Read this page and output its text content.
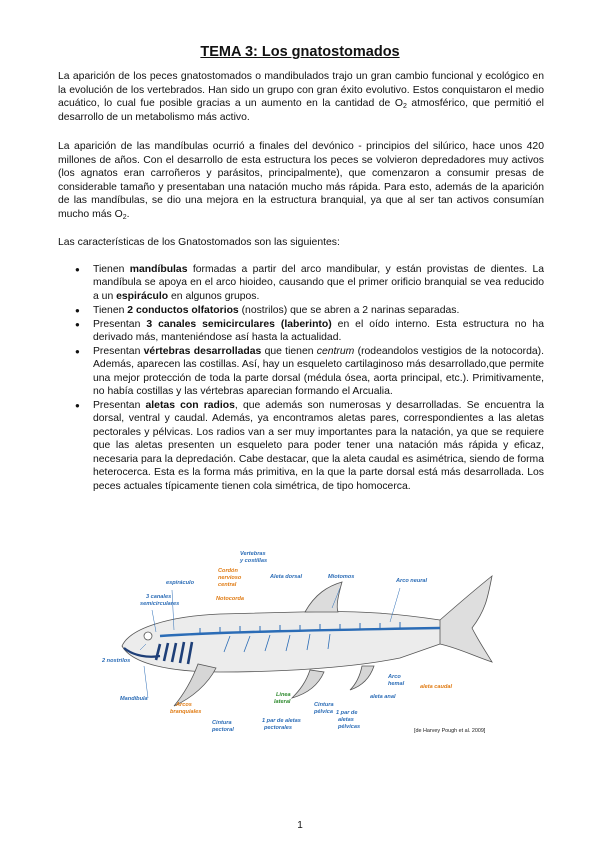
TEMA 3: Los gnatostomados

La aparición de los peces gnatostomados o mandibulados trajo un gran cambio funcional y ecológico en la evolución de los vertebrados. Han sido un grupo con gran éxito evolutivo. Estos conquistaron el medio acuático, lo cual fue posible gracias a un aumento en la cantidad de $O_2$ atmosférico, que permitió el desarrollo de un metabolismo más activo.

La aparición de las mandíbulas ocurrió a finales del devónico - principios del silúrico, hace unos 420 millones de años. Con el desarrollo de esta estructura los peces se volvieron depredadores muy activos (los agnatos eran carroñeros y parásitos, principalmente), que comenzaron a consumir presas de considerable tamaño y presentaban una natación mucho más rápida. Para esto, además de la aparición de las mandíbulas, se dio una mejora en la estructura branquial, ya que al ser tan activos consumían mucho más $O_2$.

Las características de los Gnatostomados son las siguientes:

● Tienen mandíbulas formadas a partir del arco mandibular, y están provistas de dientes. La mandíbula se apoya en el arco hioideo, causando que el primer orificio branquial se vea reducido a un espiráculo en algunos grupos.
● Tienen 2 conductos olfatorios (nostrilos) que se abren a 2 narinas separadas.
● Presentan 3 canales semicirculares (laberinto) en el oído interno. Esta estructura no ha derivado más, manteniéndose así hasta la actualidad.
● Presentan vértebras desarrolladas que tienen centrum (rodeandolos vestigios de la notocorda). Además, aparecen las costillas. Así, hay un esqueleto cartilaginoso más desarrollado,que permite una mejor protección de toda la parte dorsal (médula ósea, aorta principal, etc.). Primitivamente, no había costillas y las vértebras aparecian formando el Arcualia.
● Presentan aletas con radios, que además son numerosas y desarrolladas. Se encuentra la dorsal, ventral y caudal. Además, ya encontramos aletas pares, correspondientes a las aletas pectorales y pélvicas. Los radios van a ser muy importantes para la natación, ya que se requiere que las aletas presenten un esqueleto para poder tener una natación más rápida y eficaz, necesaria para la depredación. Cabe destacar, que la aleta caudal es asimétrica, siendo de forma heterocerca. Esta es la forma más primitiva, en la que la parte dorsal está más desarrollada. Los peces actuales típicamente tienen cola simétrica, de tipo homocerca.
Vertebras
y costillas
Cordón
nervioso
central
Aleta dorsal	Miotomos
Arco neural
espiráculo
3 canales
semicirculares
Notocorda
2 nostrilos
Mandíbula
Arcos
branquiales
Cintura
pectoral
Linea
lateral
1 par de aletas
pectorales
Cintura
pélvica 1 par de
aletas
pélvicas
Arco
hemal
aleta anal
aleta caudal
[de Harvey Pough et al. 2009]
1
